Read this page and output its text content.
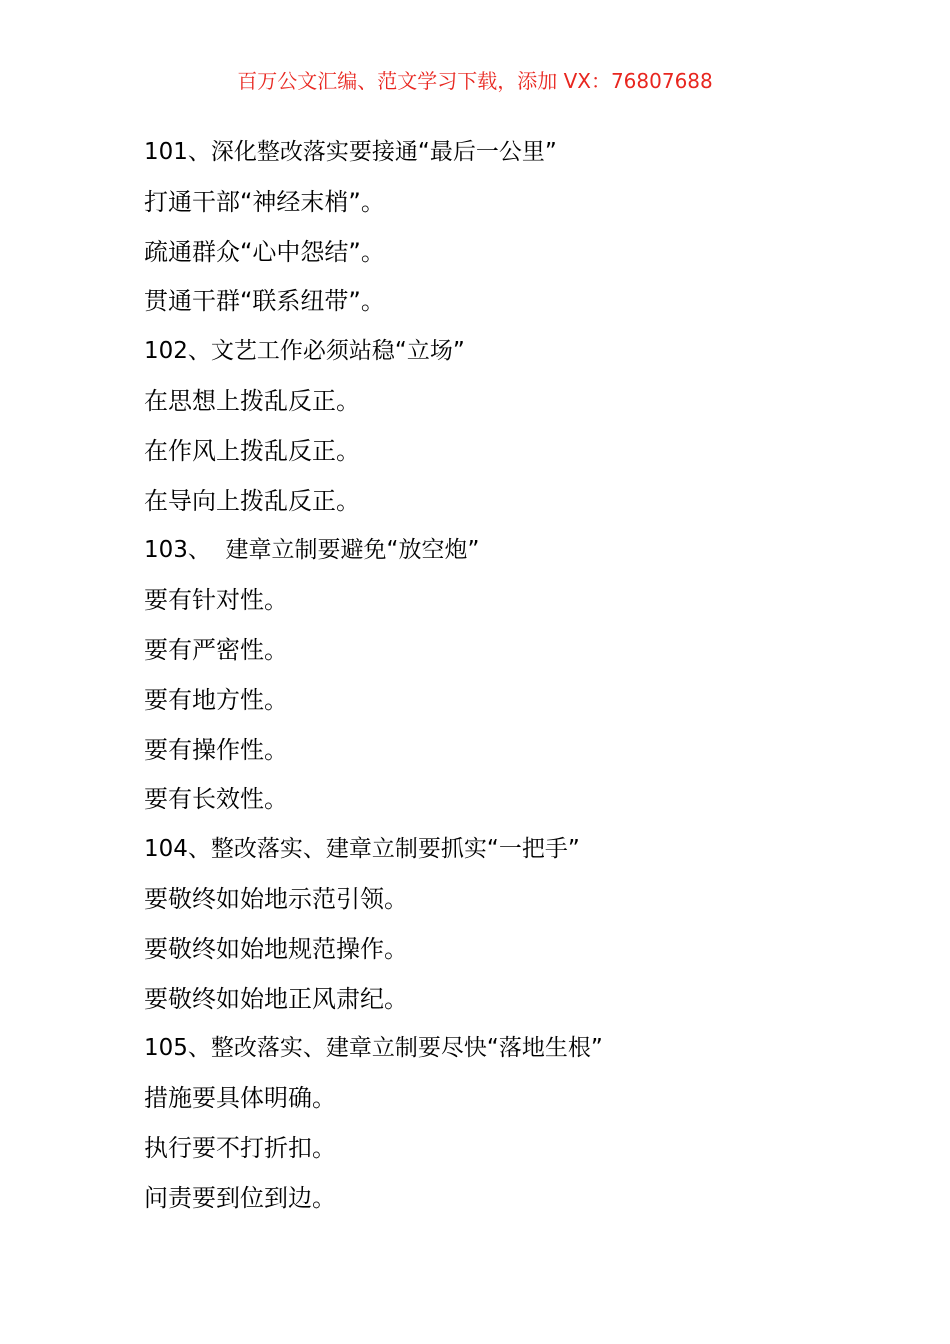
百万公文汇编、范文学习下载，添加 VX：76807688
101、深化整改落实要接通“最后一公里”
打通干部“神经末梢”。
疏通群众“心中怨结”。
贯通干群“联系纽带”。
102、文艺工作必须站稳“立场”
在思想上拨乱反正。
在作风上拨乱反正。
在导向上拨乱反正。
103、  建章立制要避免“放空炮”
要有针对性。
要有严密性。
要有地方性。
要有操作性。
要有长效性。
104、整改落实、建章立制要抓实“一把手”
要敬终如始地示范引领。
要敬终如始地规范操作。
要敬终如始地正风肃纪。
105、整改落实、建章立制要尽快“落地生根”
措施要具体明确。
执行要不打折扣。
问责要到位到边。
